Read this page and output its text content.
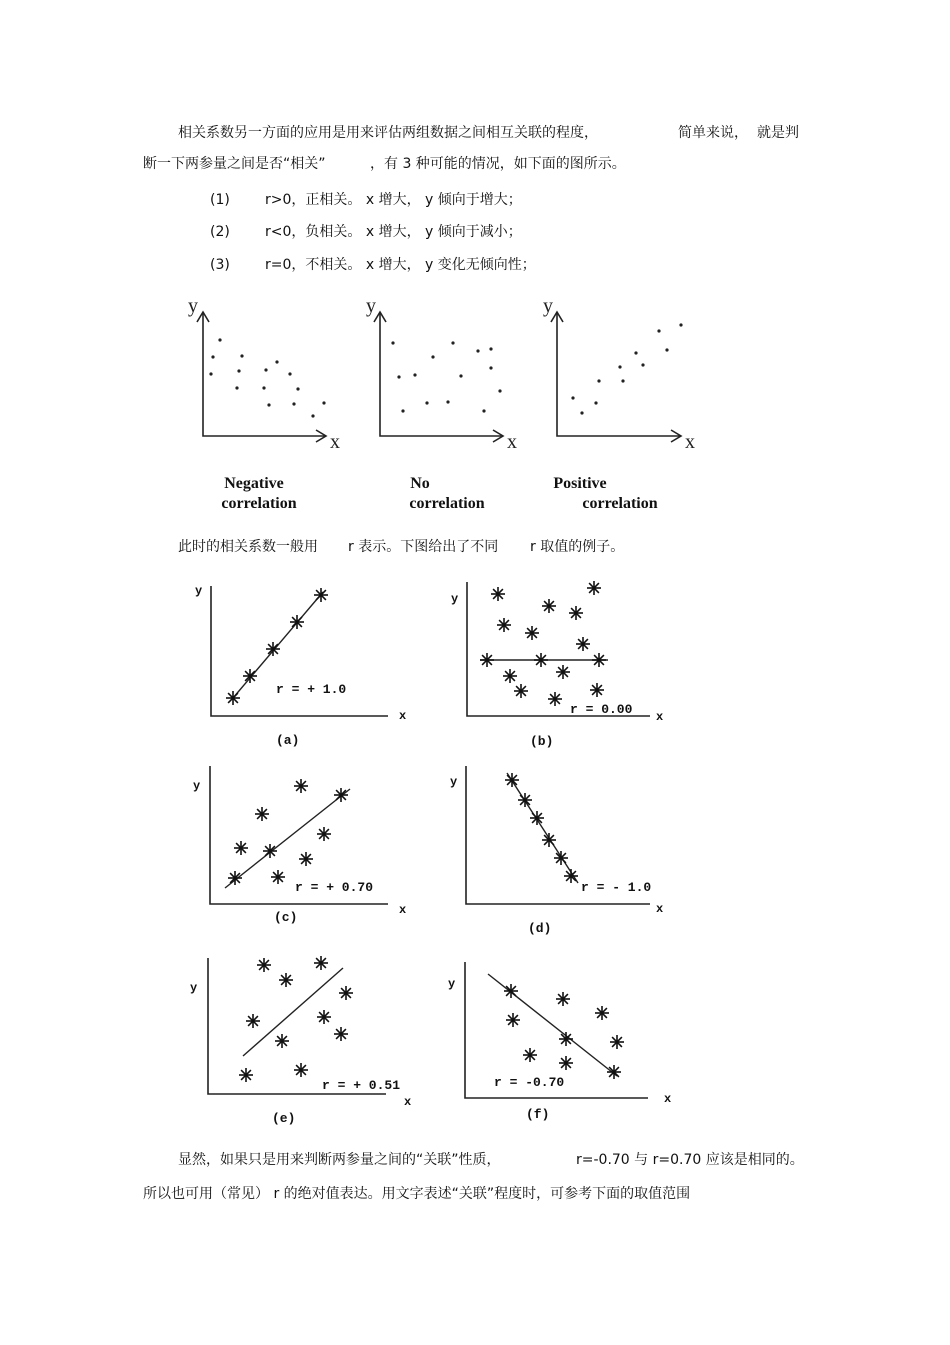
相关系数另一方面的应用是用来评估两组数据之间相互关联的程度，	简单来说， 就是判
断一下两参量之间是否“相关”	，有 3 种可能的情况，如下面的图所示。
(1)	r>0，正相关。 x 增大， y 倾向于增大；
(2)	r<0，负相关。 x 增大， y 倾向于减小；
(3)	r=0，不相关。 x 增大， y 变化无倾向性；
y
x
y
x
y
x
Negative
correlation
No
correlation
Positive
correlation
此时的相关系数一般用 r 表示。下图给出了不同 r 取值的例子。
y
x
r = + 1.0
(a)
y
x
r = 0.00
(b)
y
x
r = + 0.70
(c)
y
x
r = - 1.0
(d)
y
x
r = + 0.51
(e)
y
x
r = -0.70
(f)
显然，如果只是用来判断两参量之间的“关联”性质，	r=-0.70 与 r=0.70 应该是相同的。
所以也可用（常见） r 的绝对值表达。用文字表述“关联”程度时，可参考下面的取值范围
